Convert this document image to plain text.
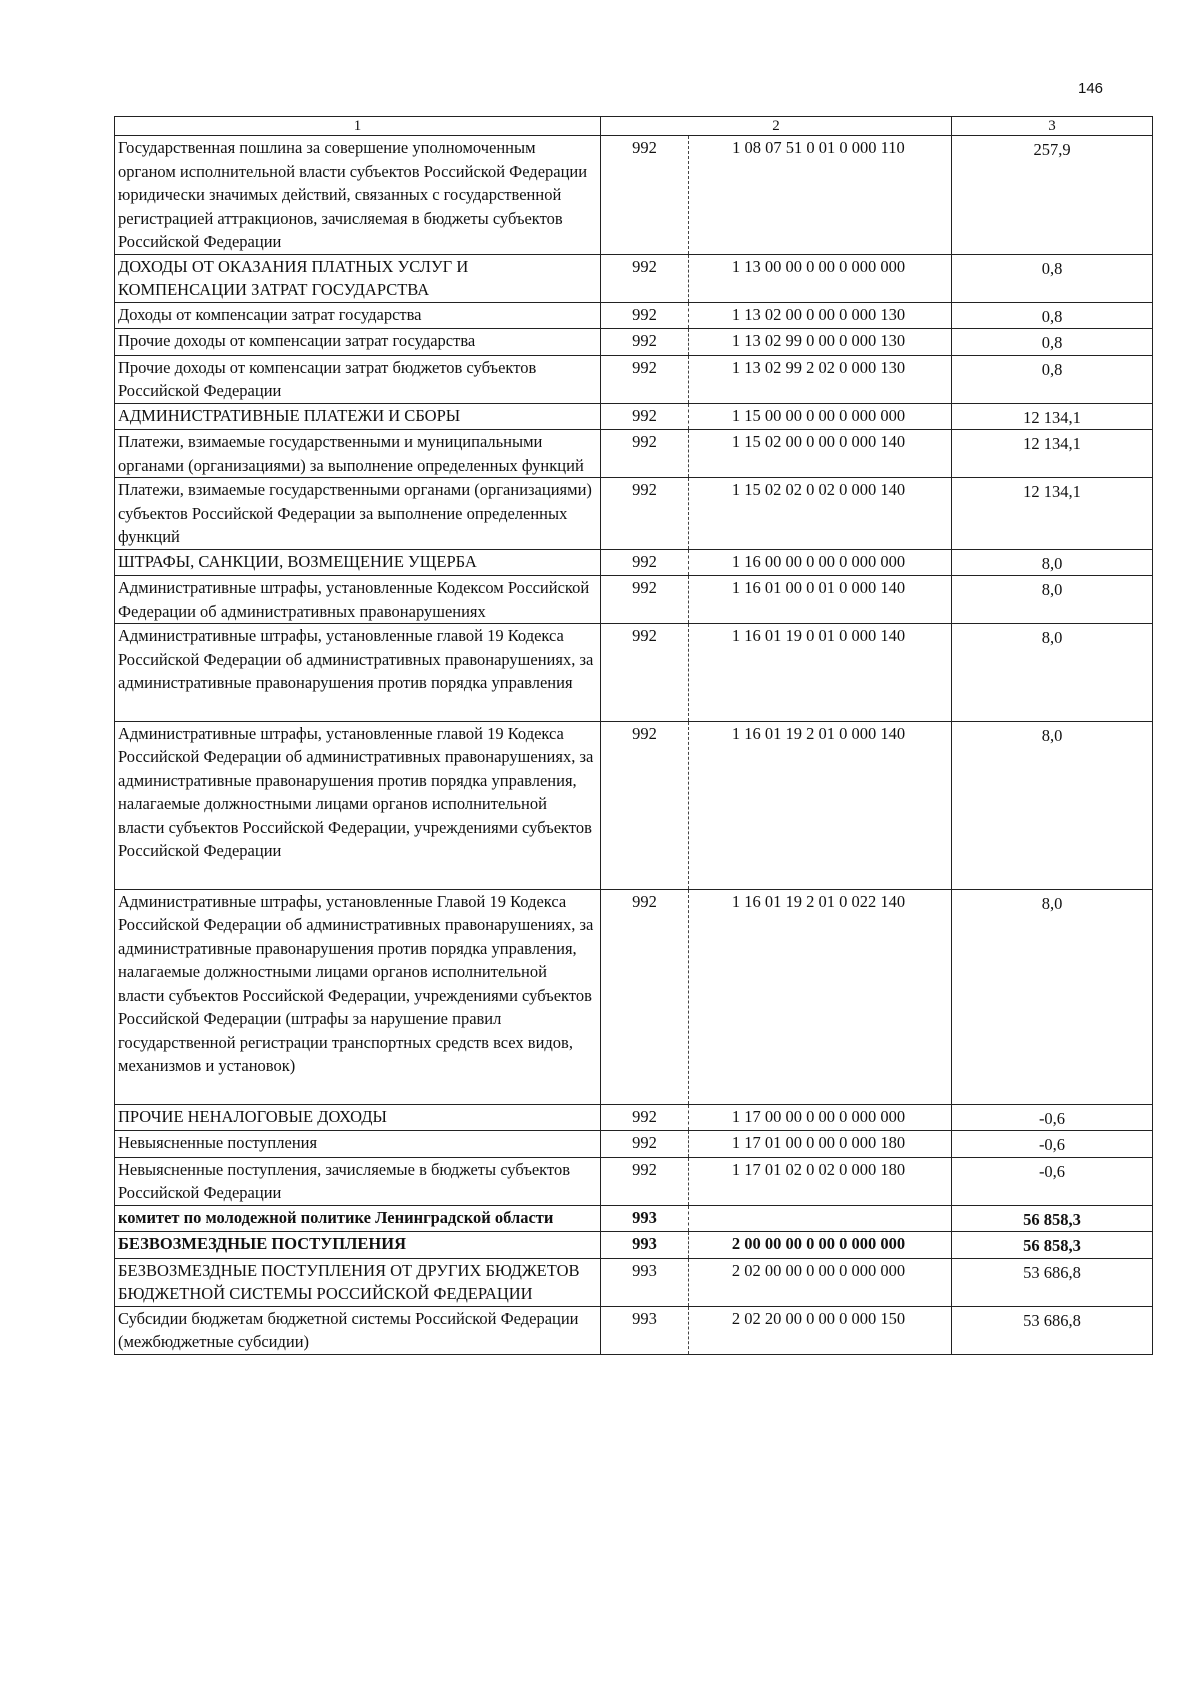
146
1	2		3
Государственная пошлина за совершение уполномоченным органом исполнительной власти субъектов Российской Федерации юридически значимых действий, связанных с государственной регистрацией аттракционов, зачисляемая в бюджеты субъектов Российской Федерации	992	1 08 07 51 0 01 0 000 110	257,9
ДОХОДЫ ОТ ОКАЗАНИЯ ПЛАТНЫХ УСЛУГ И КОМПЕНСАЦИИ ЗАТРАТ ГОСУДАРСТВА	992	1 13 00 00 0 00 0 000 000	0,8
Доходы от компенсации затрат государства	992	1 13 02 00 0 00 0 000 130	0,8
Прочие доходы от компенсации затрат государства	992	1 13 02 99 0 00 0 000 130	0,8
Прочие доходы от компенсации затрат бюджетов субъектов Российской Федерации	992	1 13 02 99 2 02 0 000 130	0,8
АДМИНИСТРАТИВНЫЕ ПЛАТЕЖИ И СБОРЫ	992	1 15 00 00 0 00 0 000 000	12 134,1
Платежи, взимаемые государственными и муниципальными органами (организациями) за выполнение определенных функций	992	1 15 02 00 0 00 0 000 140	12 134,1
Платежи, взимаемые государственными органами (организациями) субъектов Российской Федерации за выполнение определенных функций	992	1 15 02 02 0 02 0 000 140	12 134,1
ШТРАФЫ, САНКЦИИ, ВОЗМЕЩЕНИЕ УЩЕРБА	992	1 16 00 00 0 00 0 000 000	8,0
Административные штрафы, установленные Кодексом Российской Федерации об административных правонарушениях	992	1 16 01 00 0 01 0 000 140	8,0
Административные штрафы, установленные главой 19 Кодекса Российской Федерации об административных правонарушениях, за административные правонарушения против порядка управления	992	1 16 01 19 0 01 0 000 140	8,0
Административные штрафы, установленные главой 19 Кодекса Российской Федерации об административных правонарушениях, за административные правонарушения против порядка управления, налагаемые должностными лицами органов исполнительной власти субъектов Российской Федерации, учреждениями субъектов Российской Федерации	992	1 16 01 19 2 01 0 000 140	8,0
Административные штрафы, установленные Главой 19 Кодекса Российской Федерации об административных правонарушениях, за административные правонарушения против порядка управления, налагаемые должностными лицами органов исполнительной власти субъектов Российской Федерации, учреждениями субъектов Российской Федерации (штрафы за нарушение правил государственной регистрации транспортных средств всех видов, механизмов и установок)	992	1 16 01 19 2 01 0 022 140	8,0
ПРОЧИЕ НЕНАЛОГОВЫЕ ДОХОДЫ	992	1 17 00 00 0 00 0 000 000	-0,6
Невыясненные поступления	992	1 17 01 00 0 00 0 000 180	-0,6
Невыясненные поступления, зачисляемые в бюджеты субъектов Российской Федерации	992	1 17 01 02 0 02 0 000 180	-0,6
комитет по молодежной политике Ленинградской области	993		56 858,3
БЕЗВОЗМЕЗДНЫЕ ПОСТУПЛЕНИЯ	993	2 00 00 00 0 00 0 000 000	56 858,3
БЕЗВОЗМЕЗДНЫЕ ПОСТУПЛЕНИЯ ОТ ДРУГИХ БЮДЖЕТОВ БЮДЖЕТНОЙ СИСТЕМЫ РОССИЙСКОЙ ФЕДЕРАЦИИ	993	2 02 00 00 0 00 0 000 000	53 686,8
Субсидии бюджетам бюджетной системы Российской Федерации (межбюджетные субсидии)	993	2 02 20 00 0 00 0 000 150	53 686,8
